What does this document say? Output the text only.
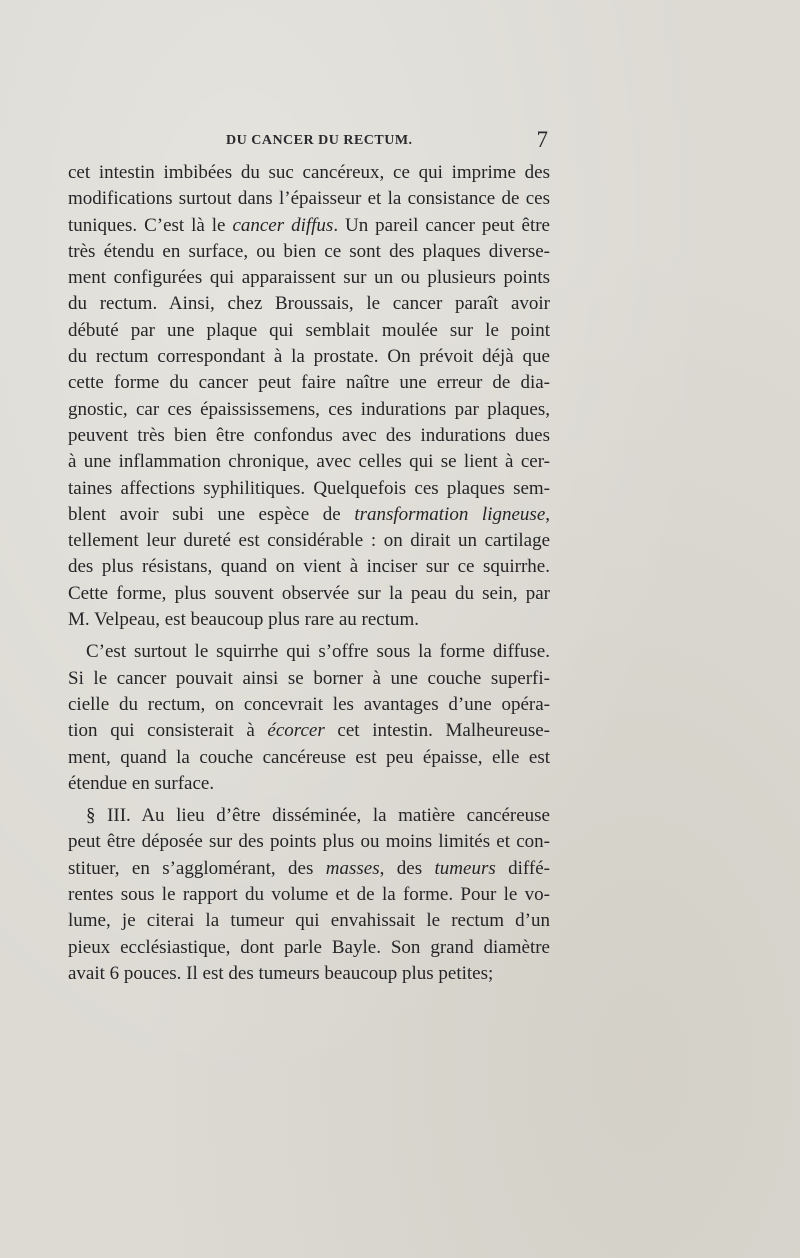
DU CANCER DU RECTUM.	7
cet intestin imbibées du suc cancéreux, ce qui imprime des
modifications surtout dans l’épaisseur et la consistance de ces
tuniques. C’est là le cancer diffus. Un pareil cancer peut être
très étendu en surface, ou bien ce sont des plaques diverse-
ment configurées qui apparaissent sur un ou plusieurs points
du rectum. Ainsi, chez Broussais, le cancer paraît avoir
débuté par une plaque qui semblait moulée sur le point
du rectum correspondant à la prostate. On prévoit déjà que
cette forme du cancer peut faire naître une erreur de dia-
gnostic, car ces épaississemens, ces indurations par plaques,
peuvent très bien être confondus avec des indurations dues
à une inflammation chronique, avec celles qui se lient à cer-
taines affections syphilitiques. Quelquefois ces plaques sem-
blent avoir subi une espèce de transformation ligneuse,
tellement leur dureté est considérable : on dirait un cartilage
des plus résistans, quand on vient à inciser sur ce squirrhe.
Cette forme, plus souvent observée sur la peau du sein, par
M. Velpeau, est beaucoup plus rare au rectum.
C’est surtout le squirrhe qui s’offre sous la forme diffuse.
Si le cancer pouvait ainsi se borner à une couche superfi-
cielle du rectum, on concevrait les avantages d’une opéra-
tion qui consisterait à écorcer cet intestin. Malheureuse-
ment, quand la couche cancéreuse est peu épaisse, elle est
étendue en surface.
§ III. Au lieu d’être disséminée, la matière cancéreuse
peut être déposée sur des points plus ou moins limités et con-
stituer, en s’agglomérant, des masses, des tumeurs diffé-
rentes sous le rapport du volume et de la forme. Pour le vo-
lume, je citerai la tumeur qui envahissait le rectum d’un
pieux ecclésiastique, dont parle Bayle. Son grand diamètre
avait 6 pouces. Il est des tumeurs beaucoup plus petites;
